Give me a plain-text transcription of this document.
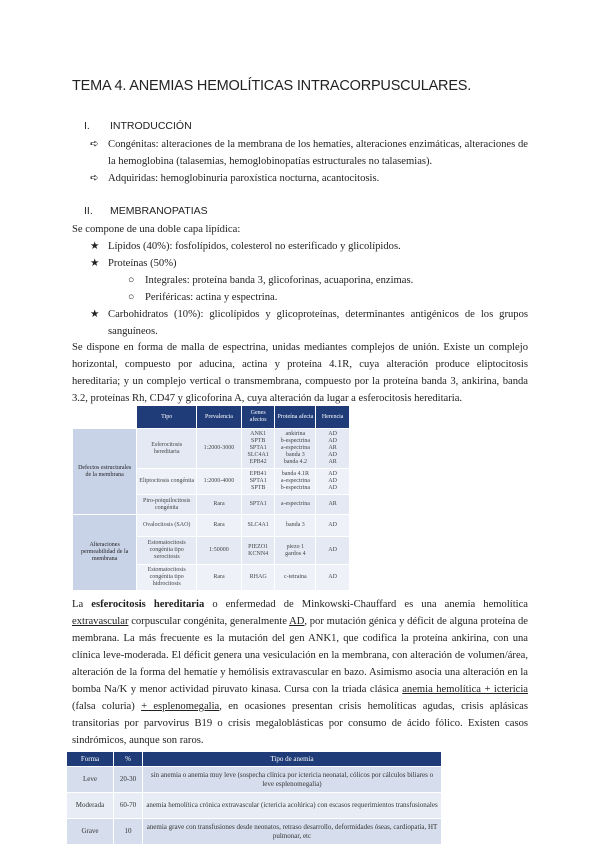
TEMA 4. ANEMIAS HEMOLÍTICAS INTRACORPUSCULARES.
I. INTRODUCCIÓN
➪ Congénitas: alteraciones de la membrana de los hematíes, alteraciones enzimáticas, alteraciones de la hemoglobina (talasemias, hemoglobinopatías estructurales no talasemias).
➪ Adquiridas: hemoglobinuria paroxística nocturna, acantocitosis.
II. MEMBRANOPATIAS
Se compone de una doble capa lipídica:
★ Lípidos (40%): fosfolípidos, colesterol no esterificado y glicolípidos.
★ Proteínas (50%)
○ Integrales: proteína banda 3, glicoforinas, acuaporina, enzimas.
○ Periféricas: actina y espectrina.
★ Carbohidratos (10%): glicolípidos y glicoproteínas, determinantes antigénicos de los grupos sanguíneos.
Se dispone en forma de malla de espectrina, unidas mediantes complejos de unión. Existe un complejo horizontal, compuesto por aducina, actina y proteína 4.1R, cuya alteración produce eliptocitosis hereditaria; y un complejo vertical o transmembrana, compuesto por la proteína banda 3, ankirina, banda 3.2, proteínas Rh, CD47 y glicoforina A, cuya alteración da lugar a esferocitosis hereditaria.
	Tipo	Prevalencia	Genes afectos	Proteína afecta	Herencia
Defectos estructurales de la membrana	Esferocitosis hereditaria	1:2000-3000	ANK1
SPTB
SPTA1
SLC4A1
EPB42	ankirina
b-espectrina
a-espectrina
banda 3
banda 4.2	AD
AD
AR
AD
AR
	Eliptocitosis congénita	1:2000-4000	EPB41
SPTA1
SPTB	banda 4.1R
a-espectrina
b-espectrina	AD
AD
AD
	Piro-poiquilocitosis congénita	Rara	SPTA1	a-espectrina	AR
Alteraciones permeabilidad de la membrana	Ovalocitosis (SAO)	Rara	SLC4A1	banda 3	AD
	Estomatocitosis congénita tipo xerocitosis	1:50000	PIEZO1
KCNN4	piezo 1
gardos 4	AD
	Estomatocitosis congénita tipo hidrocitosis	Rara	RHAG	c-tetraina	AD
La esferocitosis hereditaria o enfermedad de Minkowski-Chauffard es una anemia hemolítica extravascular corpuscular congénita, generalmente AD, por mutación génica y déficit de alguna proteína de membrana. La más frecuente es la mutación del gen ANK1, que codifica la proteína ankirina, con una clínica leve-moderada. El déficit genera una vesiculación en la membrana, con alteración de volumen/área, alteración de la forma del hematíe y hemólisis extravascular en bazo. Asimismo asocia una alteración en la bomba Na/K y menor actividad piruvato kinasa. Cursa con la triada clásica anemia hemolítica + ictericia (falsa coluria) + esplenomegalia, en ocasiones presentan crisis hemolíticas agudas, crisis aplásicas transitorias por parvovirus B19 o crisis megaloblásticas por consumo de ácido fólico. Existen casos sindrómicos, aunque son raros.
Forma	%	Tipo de anemia
Leve	20-30	sin anemia o anemia muy leve (sospecha clínica por ictericia neonatal, cólicos por cálculos biliares o leve esplenomegalia)
Moderada	60-70	anemia hemolítica crónica extravascular (ictericia acolúrica) con escasos requerimientos transfusionales
Grave	10	anemia grave con transfusiones desde neonatos, retraso desarrollo, deformidades óseas, cardiopatía, HT pulmonar, etc
